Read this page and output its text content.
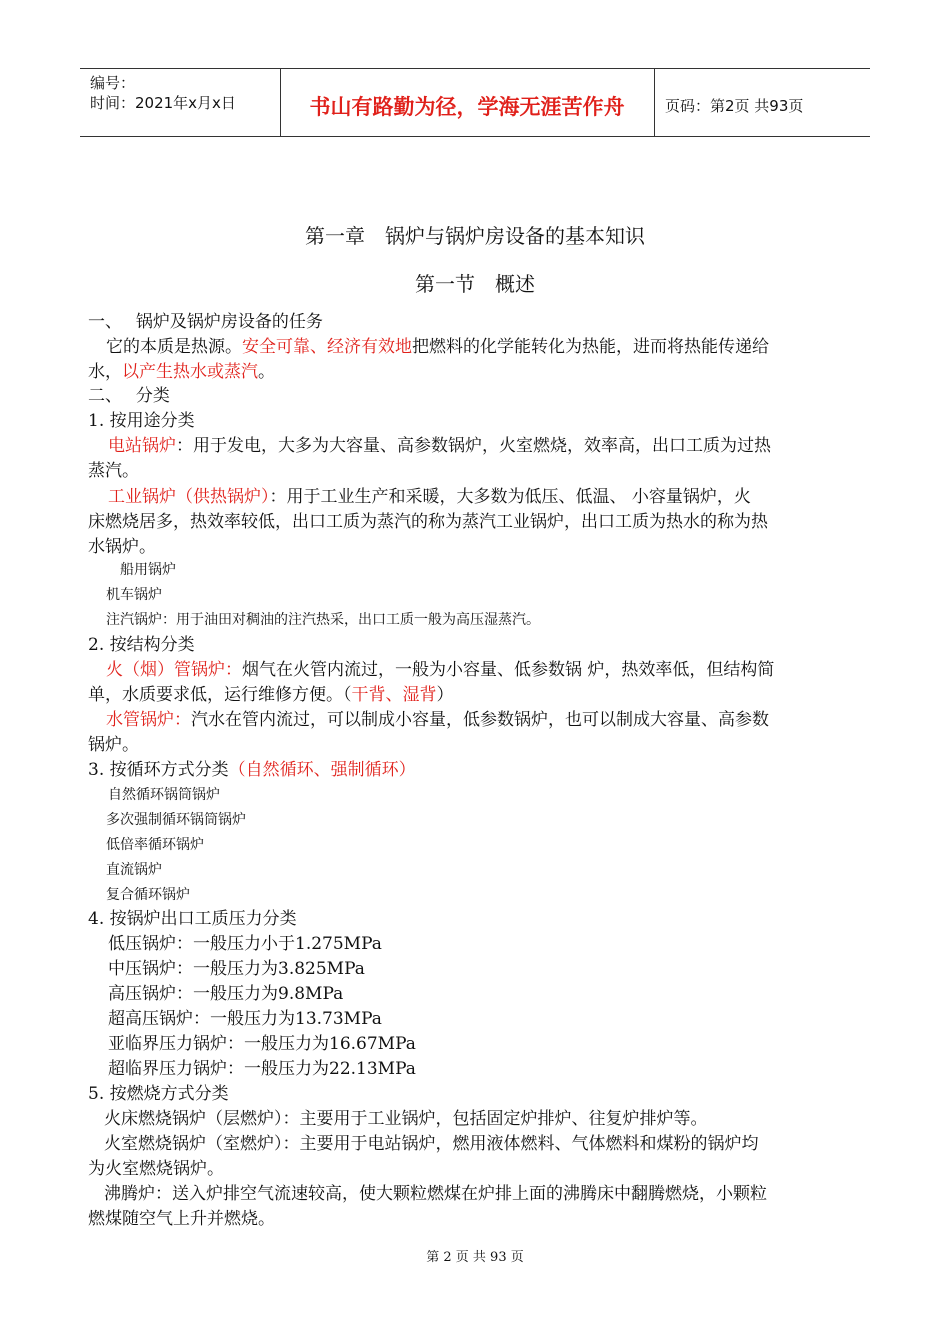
编号：
时间：2021年x月x日	书山有路勤为径，学海无涯苦作舟	页码：第2页 共93页
第一章　锅炉与锅炉房设备的基本知识
第一节　概述
一、　 锅炉及锅炉房设备的任务
它的本质是热源。安全可靠、经济有效地把燃料的化学能转化为热能，进而将热能传递给
水，以产生热水或蒸汽。
二、　 分类
1. 按用途分类
电站锅炉：用于发电，大多为大容量、高参数锅炉，火室燃烧，效率高，出口工质为过热
蒸汽。
工业锅炉（供热锅炉）：用于工业生产和采暖，大多数为低压、低温、 小容量锅炉，火
床燃烧居多，热效率较低，出口工质为蒸汽的称为蒸汽工业锅炉，出口工质为热水的称为热
水锅炉。
船用锅炉
机车锅炉
注汽锅炉：用于油田对稠油的注汽热采，出口工质一般为高压湿蒸汽。
2. 按结构分类
火（烟）管锅炉：烟气在火管内流过，一般为小容量、低参数锅 炉，热效率低，但结构简
单，水质要求低，运行维修方便。（干背、湿背）
水管锅炉：汽水在管内流过，可以制成小容量，低参数锅炉，也可以制成大容量、高参数
锅炉。
3. 按循环方式分类（自然循环、强制循环）
自然循环锅筒锅炉
多次强制循环锅筒锅炉
低倍率循环锅炉
直流锅炉
复合循环锅炉
4. 按锅炉出口工质压力分类
低压锅炉：一般压力小于1.275MPa
中压锅炉：一般压力为3.825MPa
高压锅炉：一般压力为9.8MPa
超高压锅炉：一般压力为13.73MPa
亚临界压力锅炉：一般压力为16.67MPa
超临界压力锅炉：一般压力为22.13MPa
5. 按燃烧方式分类
火床燃烧锅炉（层燃炉）：主要用于工业锅炉，包括固定炉排炉、往复炉排炉等。
火室燃烧锅炉（室燃炉）：主要用于电站锅炉，燃用液体燃料、气体燃料和煤粉的锅炉均
为火室燃烧锅炉。
沸腾炉：送入炉排空气流速较高，使大颗粒燃煤在炉排上面的沸腾床中翻腾燃烧，小颗粒
燃煤随空气上升并燃烧。
第 2 页 共 93 页
